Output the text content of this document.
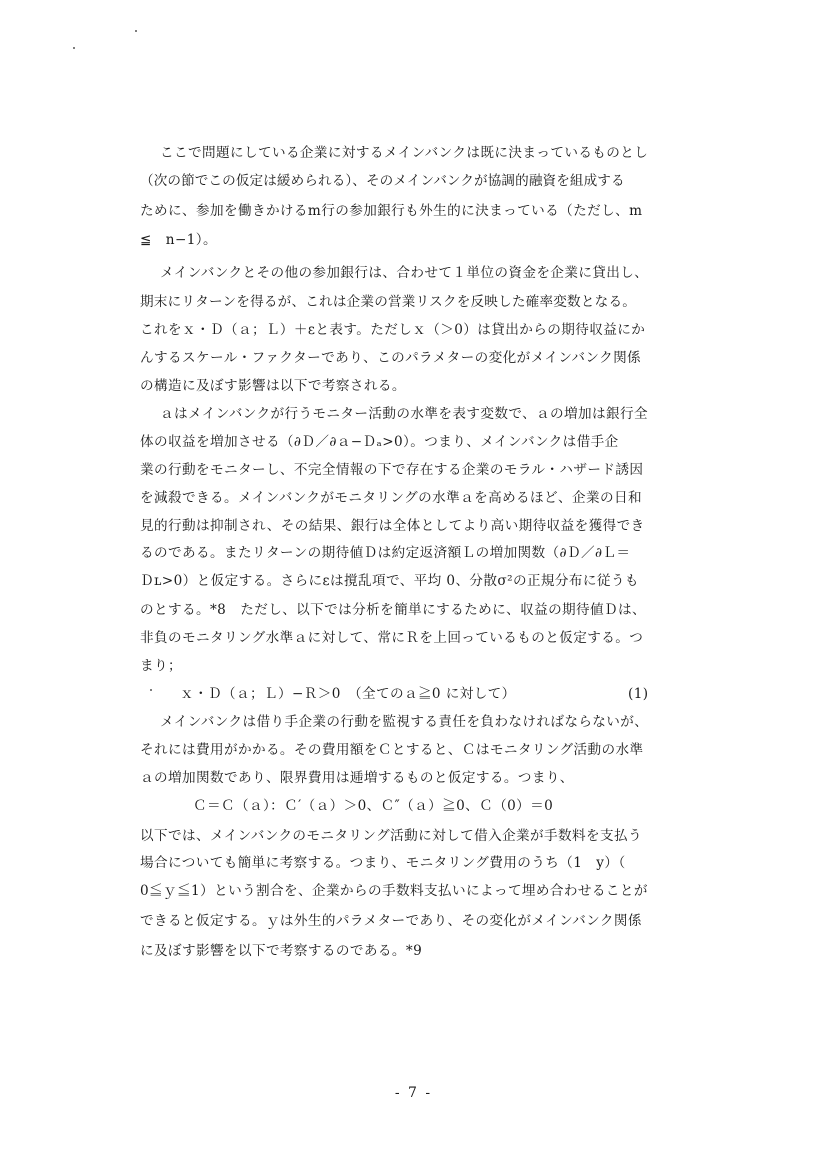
ここで問題にしている企業に対するメインバンクは既に決まっているものとし
（次の節でこの仮定は緩められる）、そのメインバンクが協調的融資を組成する
ために、参加を働きかけるm行の参加銀行も外生的に決まっている（ただし、m
≦　n−1）。
メインバンクとその他の参加銀行は、合わせて１単位の資金を企業に貸出し、
期末にリターンを得るが、これは企業の営業リスクを反映した確率変数となる。
これをｘ・Ｄ（ａ；Ｌ）＋εと表す。ただしｘ（＞0）は貸出からの期待収益にか
んするスケール・ファクターであり、このパラメターの変化がメインバンク関係
の構造に及ぼす影響は以下で考察される。
ａはメインバンクが行うモニター活動の水準を表す変数で、ａの増加は銀行全
体の収益を増加させる（∂Ｄ／∂ａ−Ｄₐ>0）。つまり、メインバンクは借手企
業の行動をモニターし、不完全情報の下で存在する企業のモラル・ハザード誘因
を減殺できる。メインバンクがモニタリングの水準ａを高めるほど、企業の日和
見的行動は抑制され、その結果、銀行は全体としてより高い期待収益を獲得でき
るのである。またリターンの期待値Ｄは約定返済額Ｌの増加関数（∂Ｄ／∂Ｌ＝
Ｄʟ>0）と仮定する。さらにεは撹乱項で、平均 0、分散σ²の正規分布に従うも
のとする。*8　ただし、以下では分析を簡単にするために、収益の期待値Ｄは、
非負のモニタリング水準ａに対して、常にＲを上回っているものと仮定する。つ
まり；
ｘ・Ｄ（ａ；Ｌ）−Ｒ＞0　（全てのａ≧0 に対して）	(1)
メインバンクは借り手企業の行動を監視する責任を負わなければならないが、
それには費用がかかる。その費用額をＣとすると、Ｃはモニタリング活動の水準
ａの増加関数であり、限界費用は逓増するものと仮定する。つまり、
Ｃ＝Ｃ（ａ）：Ｃ′（ａ）＞0、Ｃ″（ａ）≧0、Ｃ（0）＝0
以下では、メインバンクのモニタリング活動に対して借入企業が手数料を支払う
場合についても簡単に考察する。つまり、モニタリング費用のうち（1　y）（
0≦ｙ≦1）という割合を、企業からの手数料支払いによって埋め合わせることが
できると仮定する。ｙは外生的パラメターであり、その変化がメインバンク関係
に及ぼす影響を以下で考察するのである。*9
- 7 -
